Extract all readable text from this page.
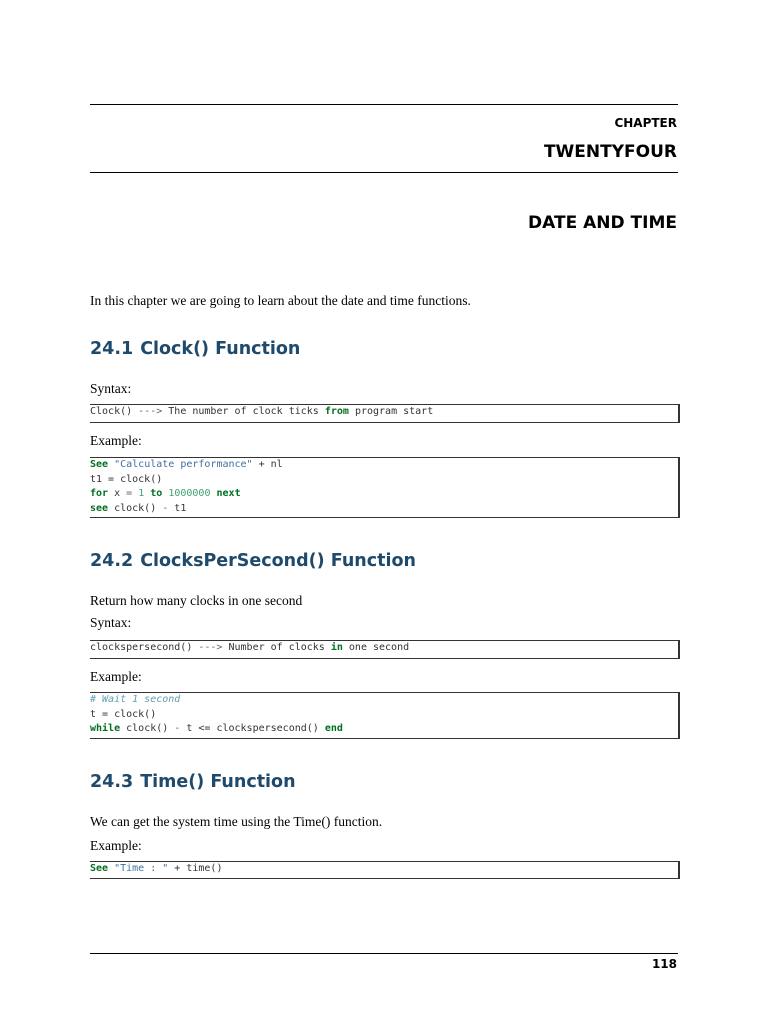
CHAPTER
TWENTYFOUR
DATE AND TIME
In this chapter we are going to learn about the date and time functions.
24.1 Clock() Function
Syntax:
Clock() ---> The number of clock ticks from program start
Example:
See "Calculate performance" + nl
t1 = clock()
for x = 1 to 1000000 next
see clock() - t1
24.2 ClocksPerSecond() Function
Return how many clocks in one second
Syntax:
clockspersecond() ---> Number of clocks in one second
Example:
# Wait 1 second
t = clock()
while clock() - t <= clockspersecond() end
24.3 Time() Function
We can get the system time using the Time() function.
Example:
See "Time : " + time()
118
